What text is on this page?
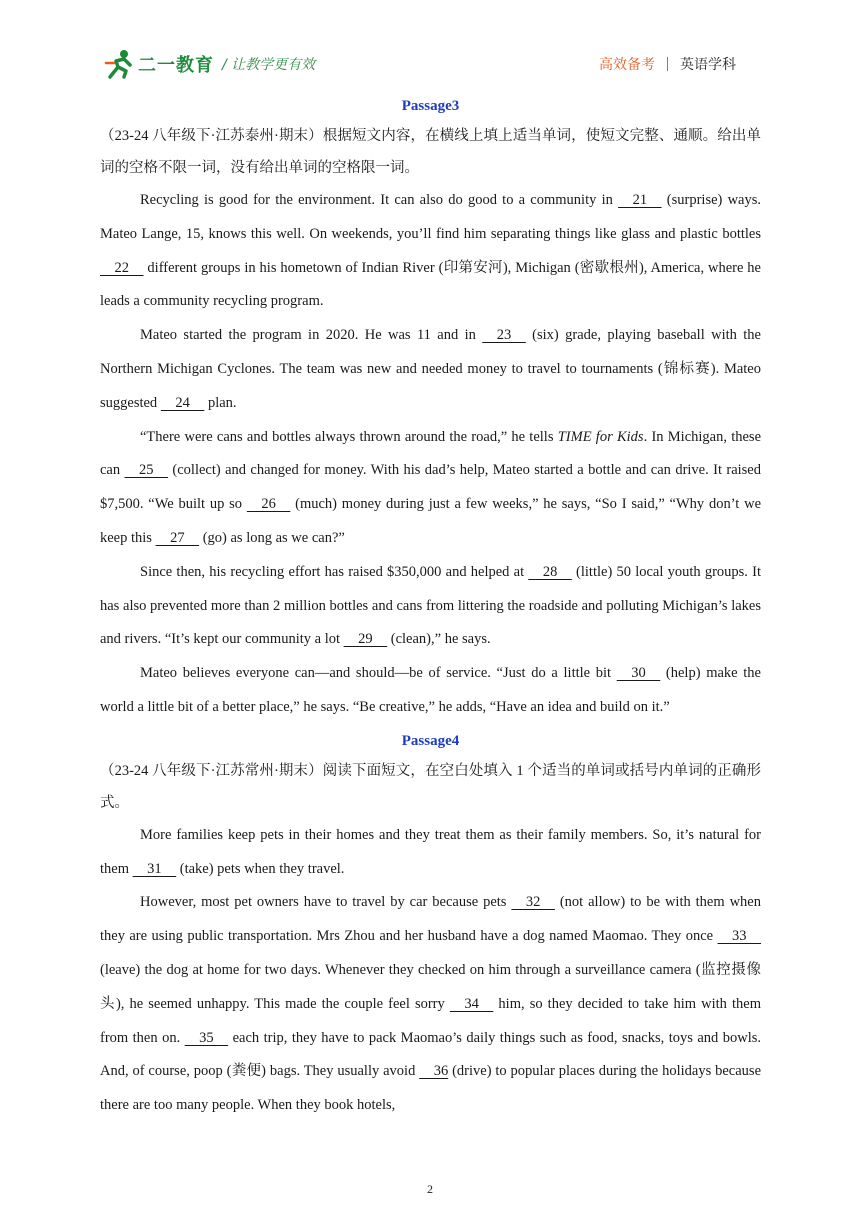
二一教育 / 让教学更有效	高效备考 英语学科
Passage3

（23-24 八年级下·江苏泰州·期末）根据短文内容，在横线上填上适当单词，使短文完整、通顺。给出单词的空格不限一词，没有给出单词的空格限一词。

Recycling is good for the environment. It can also do good to a community in     21     (surprise) ways. Mateo Lange, 15, knows this well. On weekends, you’ll find him separating things like glass and plastic bottles     22     different groups in his hometown of Indian River (印第安河), Michigan (密歇根州), America, where he leads a community recycling program.

Mateo started the program in 2020. He was 11 and in     23     (six) grade, playing baseball with the Northern Michigan Cyclones. The team was new and needed money to travel to tournaments (锦标赛). Mateo suggested     24     plan.

“There were cans and bottles always thrown around the road,” he tells TIME for Kids. In Michigan, these can     25     (collect) and changed for money. With his dad’s help, Mateo started a bottle and can drive. It raised $7,500. “We built up so     26     (much) money during just a few weeks,” he says, “So I said,” “Why don’t we keep this     27     (go) as long as we can?”

Since then, his recycling effort has raised $350,000 and helped at     28     (little) 50 local youth groups. It has also prevented more than 2 million bottles and cans from littering the roadside and polluting Michigan’s lakes and rivers. “It’s kept our community a lot     29     (clean),” he says.

Mateo believes everyone can—and should—be of service. “Just do a little bit     30     (help) make the world a little bit of a better place,” he says. “Be creative,” he adds, “Have an idea and build on it.”

Passage4

（23-24 八年级下·江苏常州·期末）阅读下面短文，在空白处填入 1 个适当的单词或括号内单词的正确形式。

More families keep pets in their homes and they treat them as their family members. So, it’s natural for them     31     (take) pets when they travel.

However, most pet owners have to travel by car because pets     32     (not allow) to be with them when they are using public transportation. Mrs Zhou and her husband have a dog named Maomao. They once     33     (leave) the dog at home for two days. Whenever they checked on him through a surveillance camera (监控摄像头), he seemed unhappy. This made the couple feel sorry     34     him, so they decided to take him with them from then on.     35     each trip, they have to pack Maomao’s daily things such as food, snacks, toys and bowls. And, of course, poop (粪便) bags. They usually avoid     36 (drive) to popular places during the holidays because there are too many people. When they book hotels,

2
